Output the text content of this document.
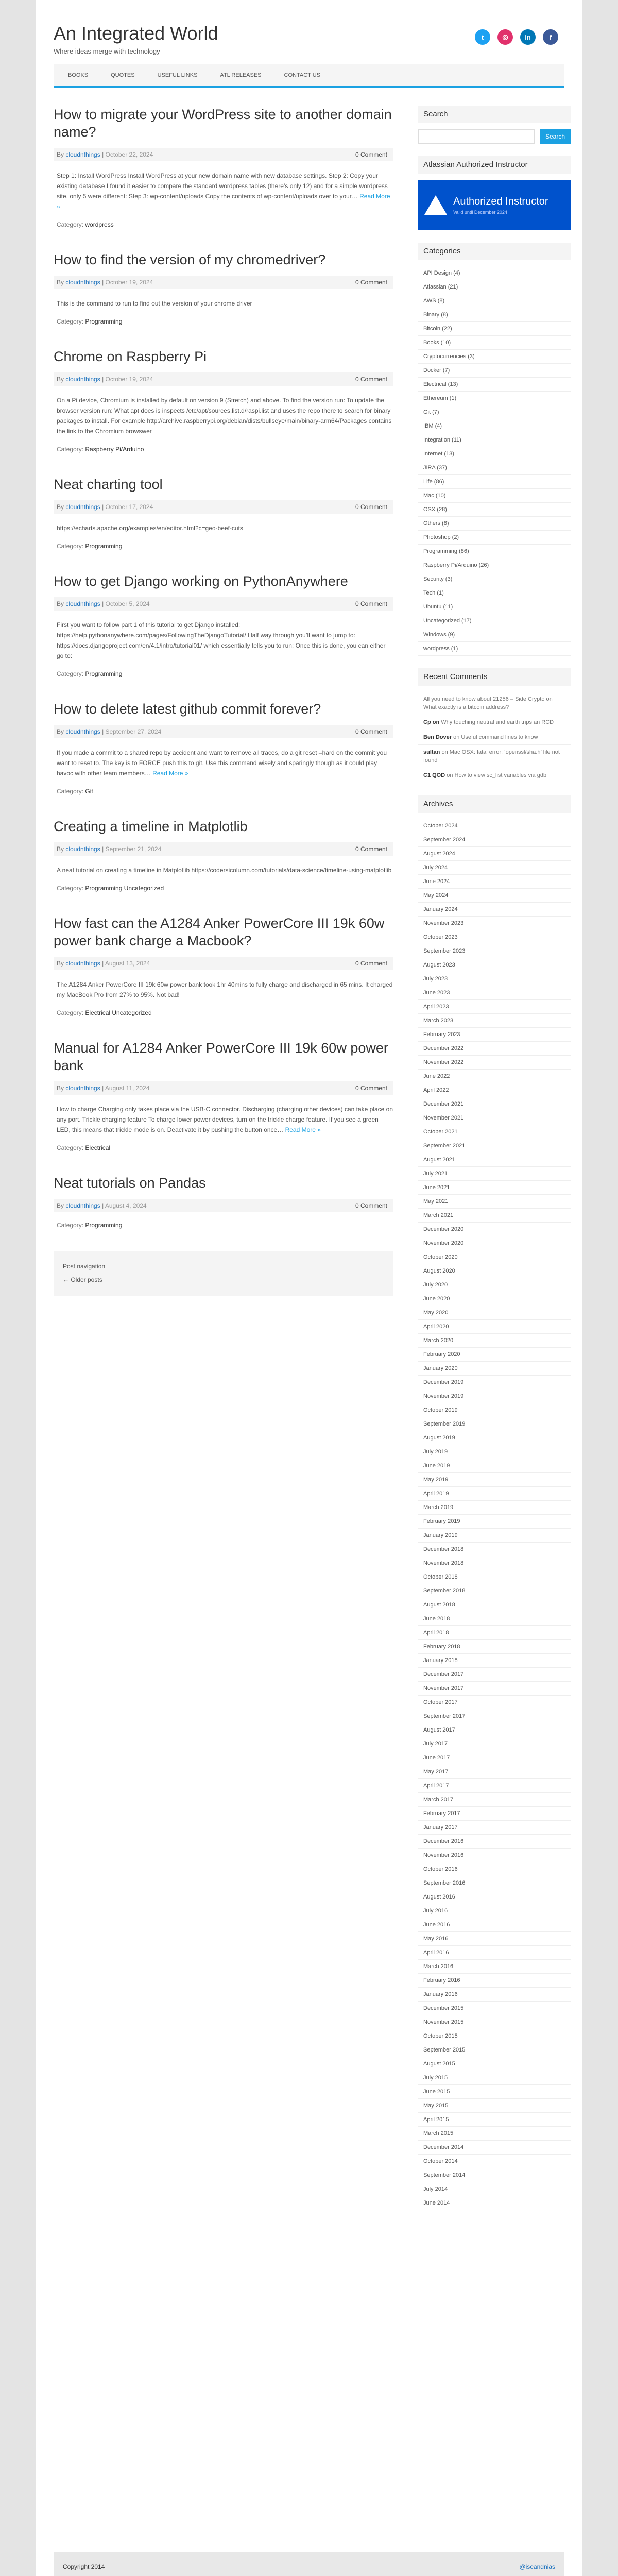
An Integrated World
Where ideas merge with technology
t	◎	in	f
BOOKS	QUOTES	USEFUL LINKS	ATL RELEASES	CONTACT US
How to migrate your WordPress site to another domain name?
By cloudnthings | October 22, 2024	0 Comment
Step 1: Install WordPress Install WordPress at your new domain name with new database settings. Step 2: Copy your existing database I found it easier to compare the standard wordpress tables (there’s only 12) and for a simple wordpress site, only 5 were different: Step 3: wp-content/uploads Copy the contents of wp-content/uploads over to your… Read More »
Category: wordpress
How to find the version of my chromedriver?
By cloudnthings | October 19, 2024	0 Comment
This is the command to run to find out the version of your chrome driver
Category: Programming
Chrome on Raspberry Pi
By cloudnthings | October 19, 2024	0 Comment
On a Pi device, Chromium is installed by default on version 9 (Stretch) and above. To find the version run: To update the browser version run: What apt does is inspects /etc/apt/sources.list.d/raspi.list and uses the repo there to search for binary packages to install. For example http://archive.raspberrypi.org/debian/dists/bullseye/main/binary-arm64/Packages contains the link to the Chromium browswer
Category: Raspberry Pi/Arduino
Neat charting tool
By cloudnthings | October 17, 2024	0 Comment
https://echarts.apache.org/examples/en/editor.html?c=geo-beef-cuts
Category: Programming
How to get Django working on PythonAnywhere
By cloudnthings | October 5, 2024	0 Comment
First you want to follow part 1 of this tutorial to get Django installed: https://help.pythonanywhere.com/pages/FollowingTheDjangoTutorial/ Half way through you’ll want to jump to: https://docs.djangoproject.com/en/4.1/intro/tutorial01/ which essentially tells you to run: Once this is done, you can either go to:
Category: Programming
How to delete latest github commit forever?
By cloudnthings | September 27, 2024	0 Comment
If you made a commit to a shared repo by accident and want to remove all traces, do a git reset –hard on the commit you want to reset to. The key is to FORCE push this to git. Use this command wisely and sparingly though as it could play havoc with other team members… Read More »
Category: Git
Creating a timeline in Matplotlib
By cloudnthings | September 21, 2024	0 Comment
A neat tutorial on creating a timeline in Matplotlib https://codersicolumn.com/tutorials/data-science/timeline-using-matplotlib
Category: Programming Uncategorized
How fast can the A1284 Anker PowerCore III 19k 60w power bank charge a Macbook?
By cloudnthings | August 13, 2024	0 Comment
The A1284 Anker PowerCore III 19k 60w power bank took 1hr 40mins to fully charge and discharged in 65 mins. It charged my MacBook Pro from 27% to 95%. Not bad!
Category: Electrical Uncategorized
Manual for A1284 Anker PowerCore III 19k 60w power bank
By cloudnthings | August 11, 2024	0 Comment
How to charge Charging only takes place via the USB-C connector. Discharging (charging other devices) can take place on any port. Trickle charging feature To charge lower power devices, turn on the trickle charge feature. If you see a green LED, this means that trickle mode is on. Deactivate it by pushing the button once… Read More »
Category: Electrical
Neat tutorials on Pandas
By cloudnthings | August 4, 2024	0 Comment
Category: Programming
Post navigation
← Older posts
Search
Search
Atlassian Authorized Instructor
Authorized Instructor
Valid until December 2024
Categories
API Design (4)
Atlassian (21)
AWS (8)
Binary (8)
Bitcoin (22)
Books (10)
Cryptocurrencies (3)
Docker (7)
Electrical (13)
Ethereum (1)
Git (7)
IBM (4)
Integration (11)
Internet (13)
JIRA (37)
Life (86)
Mac (10)
OSX (28)
Others (8)
Photoshop (2)
Programming (86)
Raspberry Pi/Arduino (26)
Security (3)
Tech (1)
Ubuntu (11)
Uncategorized (17)
Windows (9)
wordpress (1)
Recent Comments
All you need to know about 21256 – Side Crypto on What exactly is a bitcoin address?
Cp on Why touching neutral and earth trips an RCD
Ben Dover on Useful command lines to know
sultan on Mac OSX: fatal error: ‘openssl/sha.h’ file not found
C1 QOD on How to view sc_list variables via gdb
Archives
October 2024
September 2024
August 2024
July 2024
June 2024
May 2024
January 2024
November 2023
October 2023
September 2023
August 2023
July 2023
June 2023
April 2023
March 2023
February 2023
December 2022
November 2022
June 2022
April 2022
December 2021
November 2021
October 2021
September 2021
August 2021
July 2021
June 2021
May 2021
March 2021
December 2020
November 2020
October 2020
August 2020
July 2020
June 2020
May 2020
April 2020
March 2020
February 2020
January 2020
December 2019
November 2019
October 2019
September 2019
August 2019
July 2019
June 2019
May 2019
April 2019
March 2019
February 2019
January 2019
December 2018
November 2018
October 2018
September 2018
August 2018
June 2018
April 2018
February 2018
January 2018
December 2017
November 2017
October 2017
September 2017
August 2017
July 2017
June 2017
May 2017
April 2017
March 2017
February 2017
January 2017
December 2016
November 2016
October 2016
September 2016
August 2016
July 2016
June 2016
May 2016
April 2016
March 2016
February 2016
January 2016
December 2015
November 2015
October 2015
September 2015
August 2015
July 2015
June 2015
May 2015
April 2015
March 2015
December 2014
October 2014
September 2014
July 2014
June 2014
Copyright 2014	@iseandnias
